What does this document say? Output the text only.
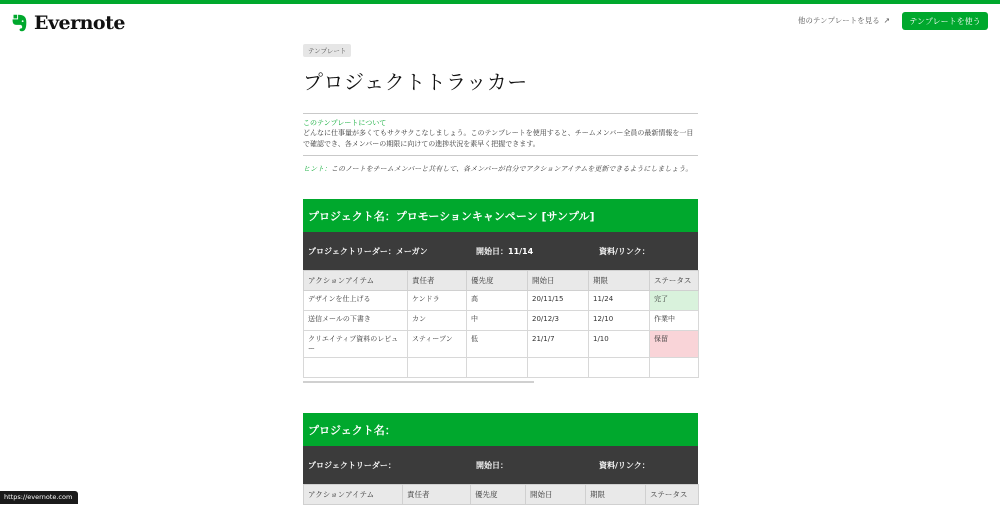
Evernote	他のテンプレートを見る ↗	テンプレートを使う
テンプレート
プロジェクトトラッカー
このテンプレートについて
どんなに仕事量が多くてもサクサクこなしましょう。このテンプレートを使用すると、チームメンバー全員の最新情報を一目で確認でき、各メンバーの期限に向けての進捗状況を素早く把握できます。
ヒント：このノートをチームメンバーと共有して、各メンバーが自分でアクションアイテムを更新できるようにしましょう。
プロジェクト名：プロモーションキャンペーン [サンプル]
プロジェクトリーダー：メーガン	開始日：11/14	資料/リンク：
アクションアイテム	責任者	優先度	開始日	期限	ステータス
デザインを仕上げる	ケンドラ	高	20/11/15	11/24	完了
送信メールの下書き	カン	中	20/12/3	12/10	作業中
クリエイティブ資料のレビュー	スティーブン	低	21/1/7	1/10	保留

プロジェクト名：
プロジェクトリーダー：	開始日：	資料/リンク：
アクションアイテム	責任者	優先度	開始日	期限	ステータス
https://evernote.com
